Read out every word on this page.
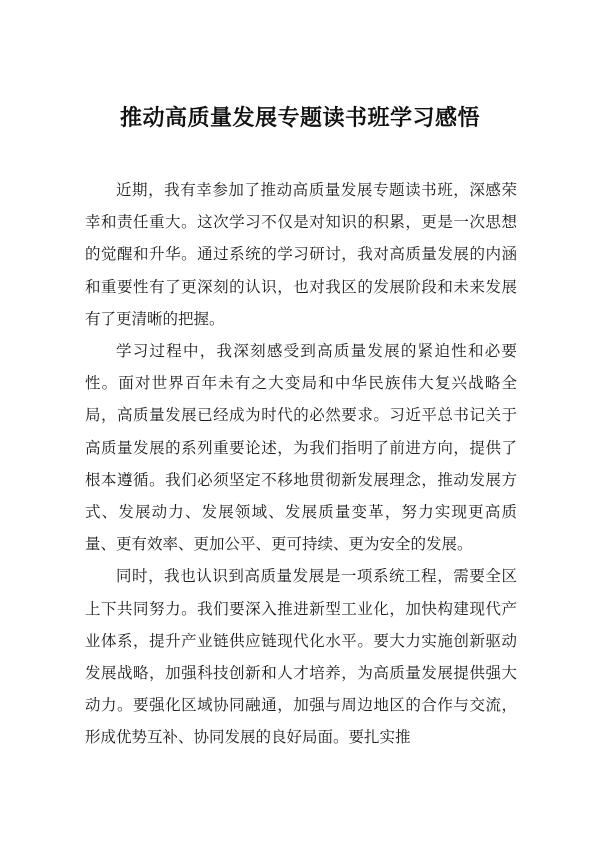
推动高质量发展专题读书班学习感悟

近期，我有幸参加了推动高质量发展专题读书班，深感荣幸和责任重大。这次学习不仅是对知识的积累，更是一次思想的觉醒和升华。通过系统的学习研讨，我对高质量发展的内涵和重要性有了更深刻的认识，也对我区的发展阶段和未来发展有了更清晰的把握。

学习过程中，我深刻感受到高质量发展的紧迫性和必要性。面对世界百年未有之大变局和中华民族伟大复兴战略全局，高质量发展已经成为时代的必然要求。习近平总书记关于高质量发展的系列重要论述，为我们指明了前进方向，提供了根本遵循。我们必须坚定不移地贯彻新发展理念，推动发展方式、发展动力、发展领域、发展质量变革，努力实现更高质量、更有效率、更加公平、更可持续、更为安全的发展。

同时，我也认识到高质量发展是一项系统工程，需要全区上下共同努力。我们要深入推进新型工业化，加快构建现代产业体系，提升产业链供应链现代化水平。要大力实施创新驱动发展战略，加强科技创新和人才培养，为高质量发展提供强大动力。要强化区域协同融通，加强与周边地区的合作与交流，形成优势互补、协同发展的良好局面。要扎实推
